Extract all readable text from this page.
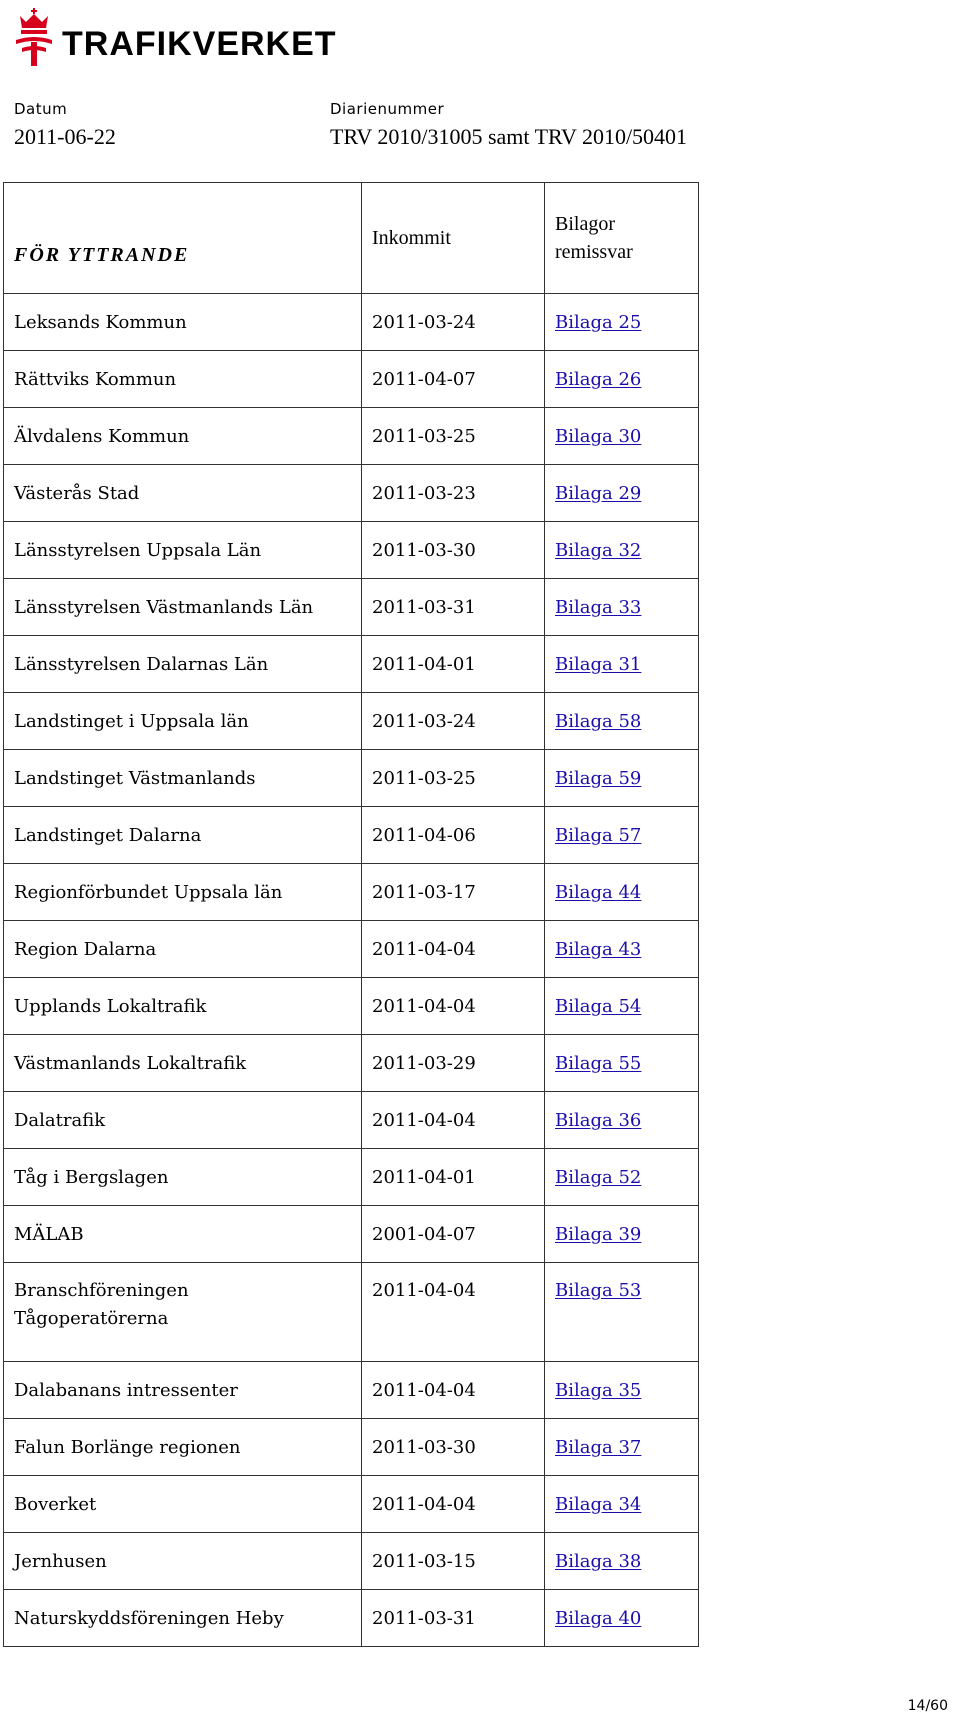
TRAFIKVERKET
Datum
2011-06-22
Diarienummer
TRV 2010/31005 samt TRV 2010/50401
FÖR YTTRANDE	Inkommit	Bilagor
remissvar

Leksands Kommun	2011-03-24	Bilaga 25
Rättviks Kommun	2011-04-07	Bilaga 26
Älvdalens Kommun	2011-03-25	Bilaga 30
Västerås Stad	2011-03-23	Bilaga 29
Länsstyrelsen Uppsala Län	2011-03-30	Bilaga 32
Länsstyrelsen Västmanlands Län	2011-03-31	Bilaga 33
Länsstyrelsen Dalarnas Län	2011-04-01	Bilaga 31
Landstinget i Uppsala län	2011-03-24	Bilaga 58
Landstinget Västmanlands	2011-03-25	Bilaga 59
Landstinget Dalarna	2011-04-06	Bilaga 57
Regionförbundet Uppsala län	2011-03-17	Bilaga 44
Region Dalarna	2011-04-04	Bilaga 43
Upplands Lokaltrafik	2011-04-04	Bilaga 54
Västmanlands Lokaltrafik	2011-03-29	Bilaga 55
Dalatrafik	2011-04-04	Bilaga 36
Tåg i Bergslagen	2011-04-01	Bilaga 52
MÄLAB	2001-04-07	Bilaga 39

Branschföreningen
Tågoperatörerna	2011-04-04	Bilaga 53
Dalabanans intressenter	2011-04-04	Bilaga 35
Falun Borlänge regionen	2011-03-30	Bilaga 37
Boverket	2011-04-04	Bilaga 34
Jernhusen	2011-03-15	Bilaga 38
Naturskyddsföreningen Heby	2011-03-31	Bilaga 40
14/60
